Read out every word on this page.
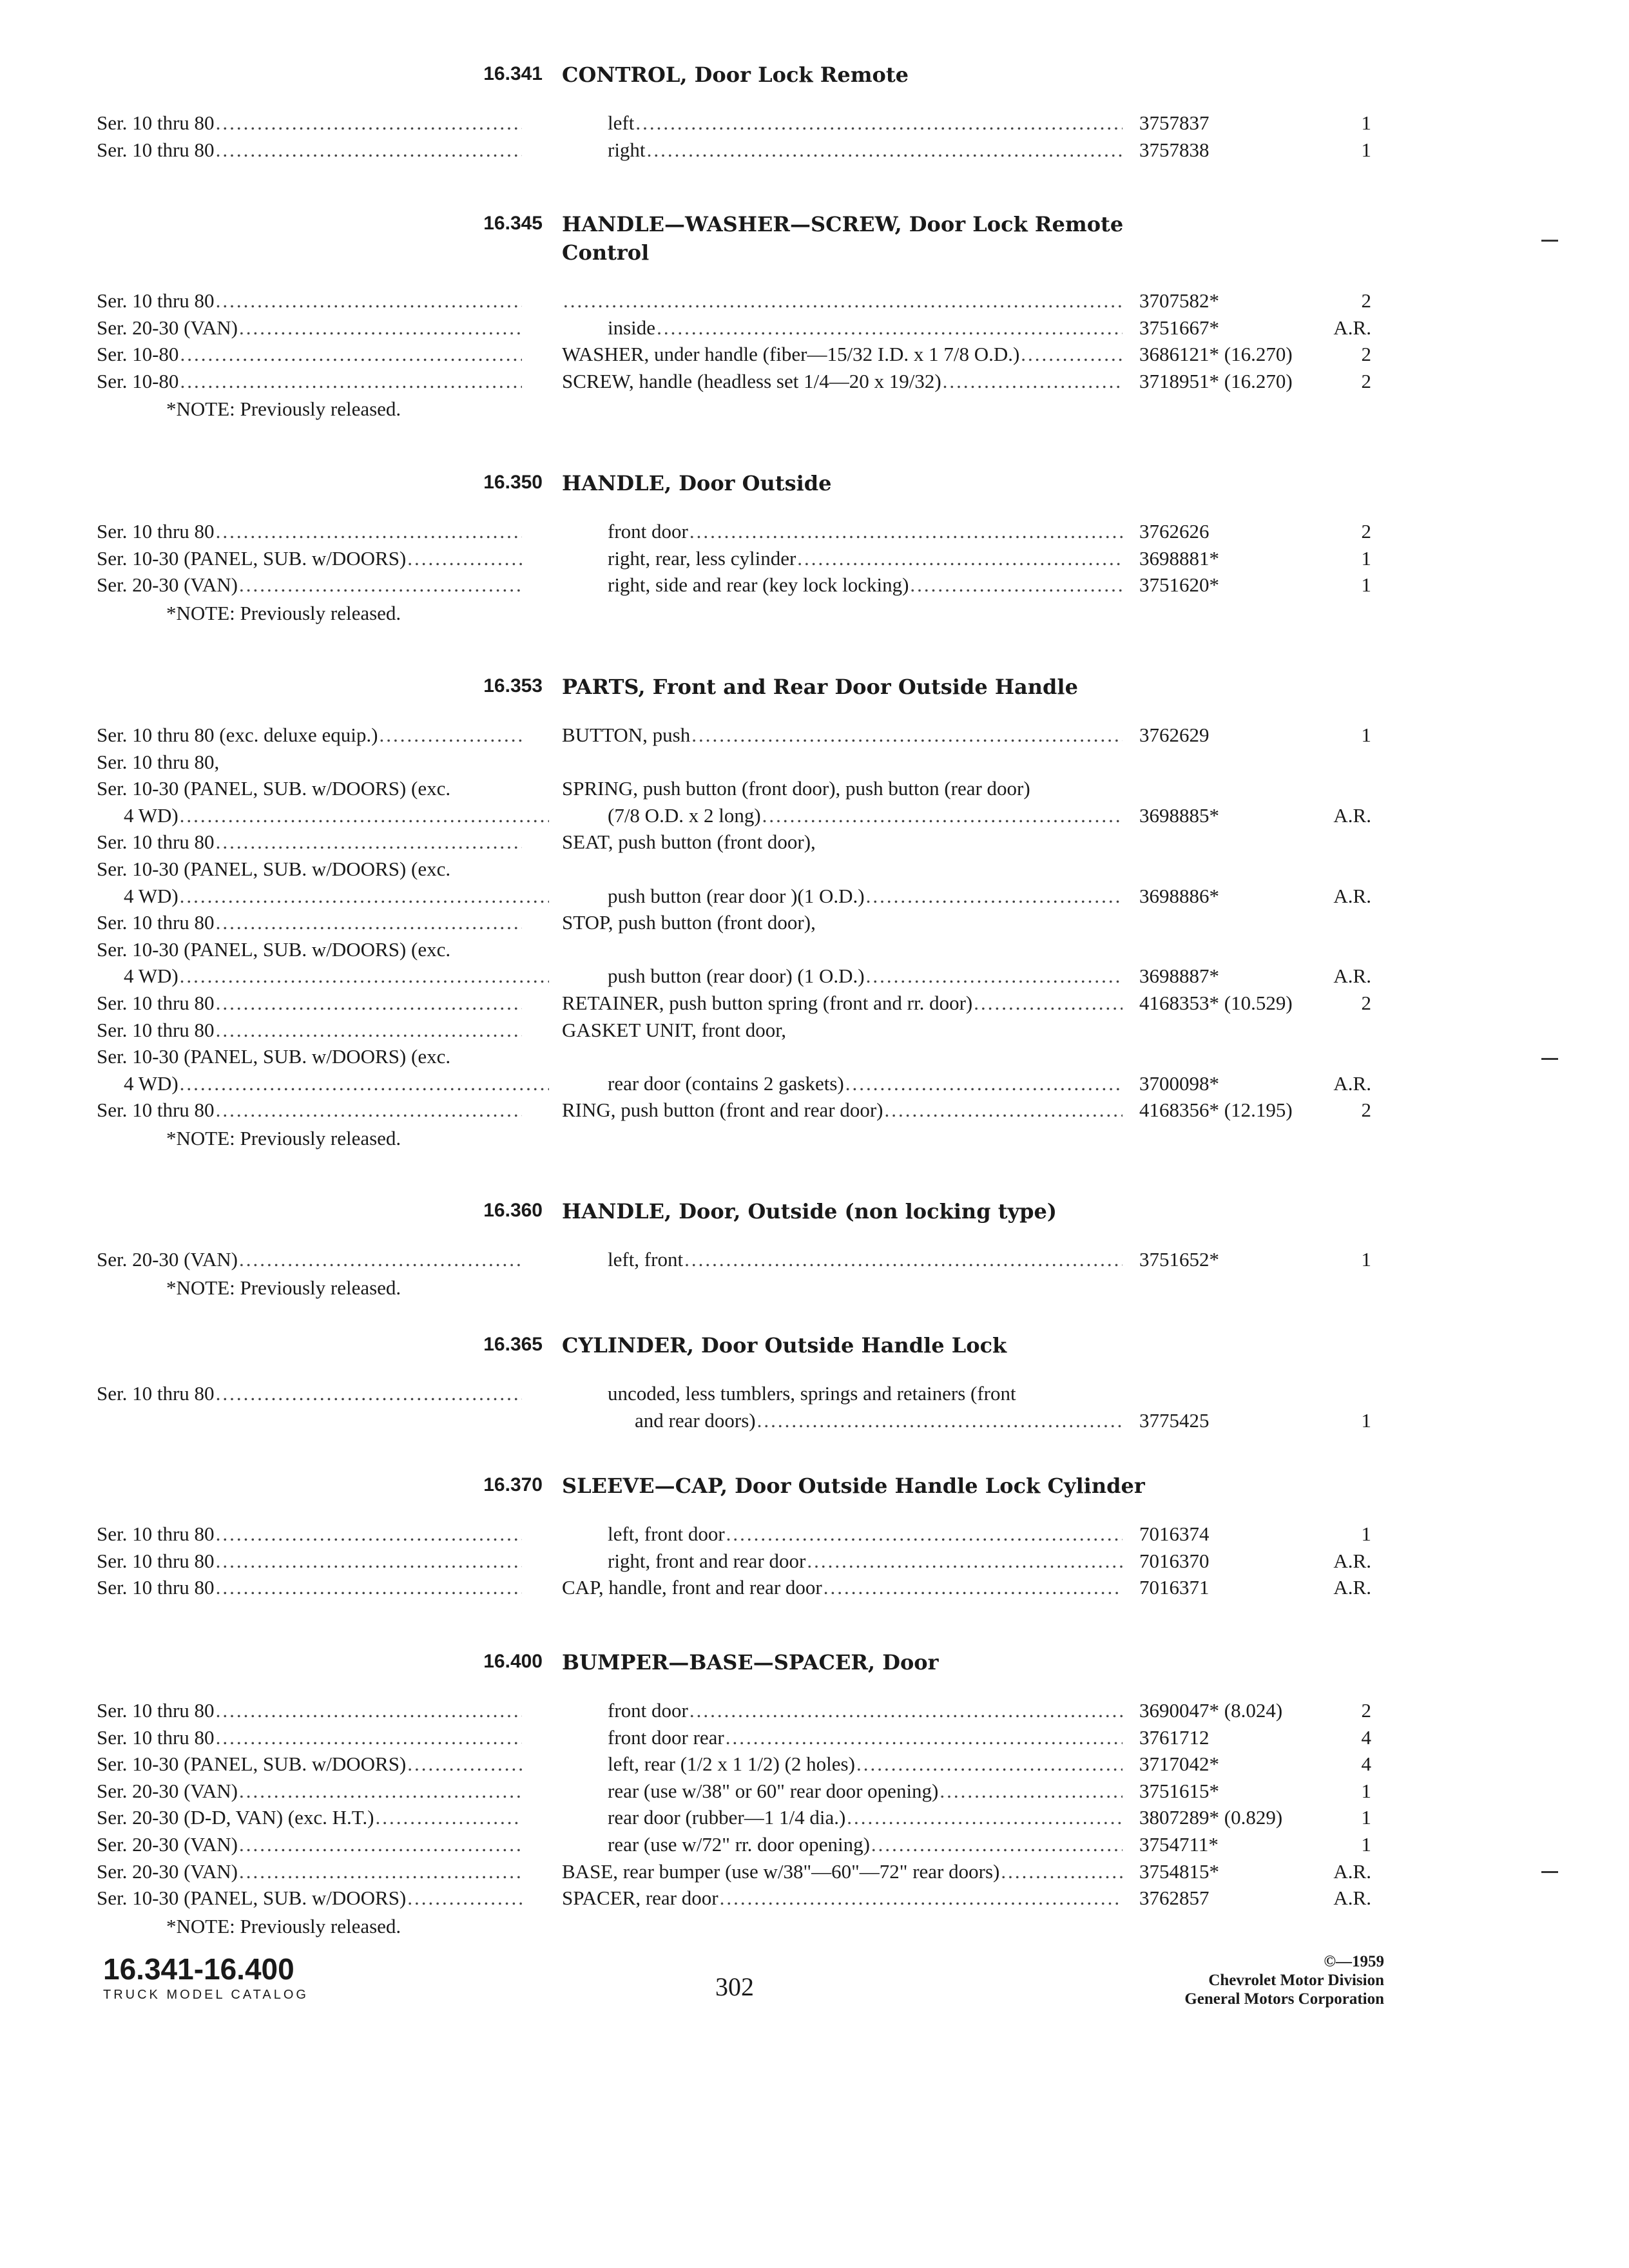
16.341 CONTROL, Door Lock Remote
Ser. 10 thru 80 .....	left .....	3757837	1
Ser. 10 thru 80 .....	right .....	3757838	1
16.345 HANDLE—WASHER—SCREW, Door Lock Remote Control
Ser. 10 thru 80 ..... .....	3707582*	2
Ser. 20-30 (VAN) .....	inside .....	3751667*	A.R.
Ser. 10-80 .....	WASHER, under handle (fiber—15/32 I.D. x 1 7/8 O.D.) .....	3686121* (16.270)	2
Ser. 10-80 .....	SCREW, handle (headless set 1/4—20 x 19/32) .....	3718951* (16.270)	2
*NOTE: Previously released.
16.350 HANDLE, Door Outside
Ser. 10 thru 80 .....	front door .....	3762626	2
Ser. 10-30 (PANEL, SUB. w/DOORS) .....	right, rear, less cylinder .....	3698881*	1
Ser. 20-30 (VAN) .....	right, side and rear (key lock locking) .....	3751620*	1
*NOTE: Previously released.
16.353 PARTS, Front and Rear Door Outside Handle
Ser. 10 thru 80 (exc. deluxe equip.) .....	BUTTON, push .....	3762629	1
Ser. 10 thru 80,
Ser. 10-30 (PANEL, SUB. w/DOORS) (exc.	SPRING, push button (front door), push button (rear door)
4 WD) .....	(7/8 O.D. x 2 long) .....	3698885*	A.R.
Ser. 10 thru 80 .....	SEAT, push button (front door),
Ser. 10-30 (PANEL, SUB. w/DOORS) (exc.
4 WD) .....	push button (rear door )(1 O.D.) .....	3698886*	A.R.
Ser. 10 thru 80 .....	STOP, push button (front door),
Ser. 10-30 (PANEL, SUB. w/DOORS) (exc.
4 WD) .....	push button (rear door) (1 O.D.) .....	3698887*	A.R.
Ser. 10 thru 80 .....	RETAINER, push button spring (front and rr. door) .....	4168353* (10.529)	2
Ser. 10 thru 80 .....	GASKET UNIT, front door,
Ser. 10-30 (PANEL, SUB. w/DOORS) (exc.
4 WD) .....	rear door (contains 2 gaskets) .....	3700098*	A.R.
Ser. 10 thru 80 .....	RING, push button (front and rear door) .....	4168356* (12.195)	2
*NOTE: Previously released.
16.360 HANDLE, Door, Outside (non locking type)
Ser. 20-30 (VAN) .....	left, front .....	3751652*	1
*NOTE: Previously released.
16.365 CYLINDER, Door Outside Handle Lock
Ser. 10 thru 80 .....	uncoded, less tumblers, springs and retainers (front
and rear doors) .....	3775425	1
16.370 SLEEVE—CAP, Door Outside Handle Lock Cylinder
Ser. 10 thru 80 .....	left, front door .....	7016374	1
Ser. 10 thru 80 .....	right, front and rear door .....	7016370	A.R.
Ser. 10 thru 80 .....	CAP, handle, front and rear door .....	7016371	A.R.
16.400 BUMPER—BASE—SPACER, Door
Ser. 10 thru 80 .....	front door .....	3690047* (8.024)	2
Ser. 10 thru 80 .....	front door rear .....	3761712	4
Ser. 10-30 (PANEL, SUB. w/DOORS) .....	left, rear (1/2 x 1 1/2) (2 holes) .....	3717042*	4
Ser. 20-30 (VAN) .....	rear (use w/38" or 60" rear door opening) .....	3751615*	1
Ser. 20-30 (D-D, VAN) (exc. H.T.) .....	rear door (rubber—1 1/4 dia.) .....	3807289* (0.829)	1
Ser. 20-30 (VAN) .....	rear (use w/72" rr. door opening) .....	3754711*	1
Ser. 20-30 (VAN) .....	BASE, rear bumper (use w/38"—60"—72" rear doors) .....	3754815*	A.R.
Ser. 10-30 (PANEL, SUB. w/DOORS) .....	SPACER, rear door .....	3762857	A.R.
*NOTE: Previously released.
16.341-16.400
TRUCK MODEL CATALOG	302
©—1959
Chevrolet Motor Division
General Motors Corporation
